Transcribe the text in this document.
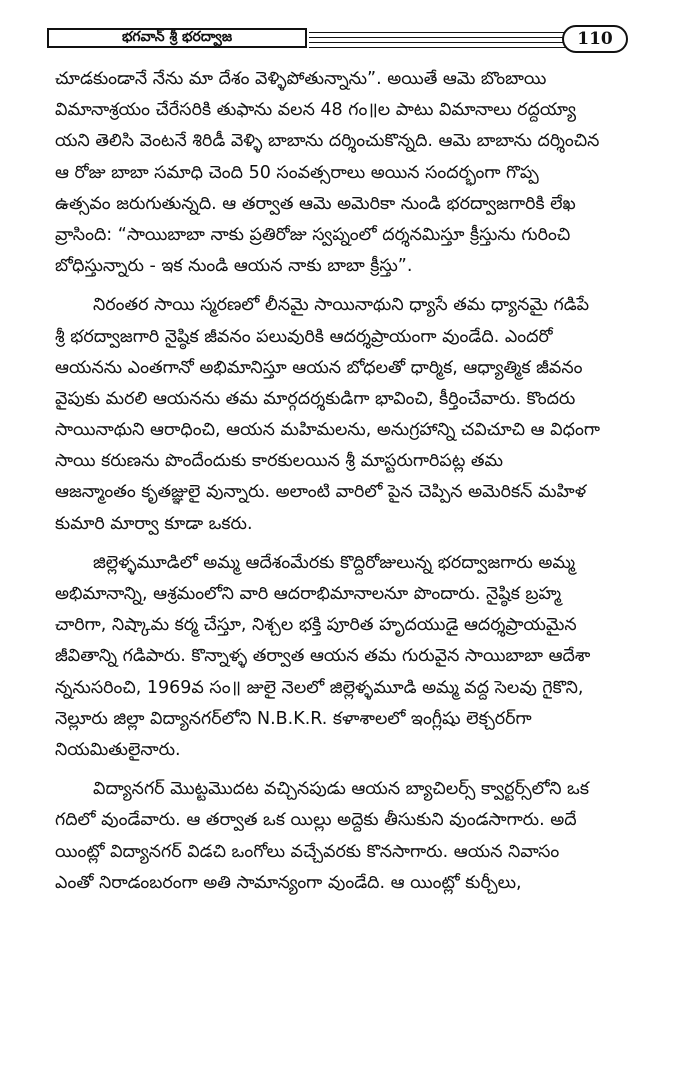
భగవాన్ శ్రీ భరద్వాజ	110
చూడకుండానే నేను మా దేశం వెళ్ళిపోతున్నాను”. అయితే ఆమె బొంబాయి
విమానాశ్రయం చేరేసరికి తుఫాను వలన 48 గం॥ల పాటు విమానాలు రద్దయ్యా
యని తెలిసి వెంటనే శిరిడీ వెళ్ళి బాబాను దర్శించుకొన్నది. ఆమె బాబాను దర్శించిన
ఆ రోజు బాబా సమాధి చెంది 50 సంవత్సరాలు అయిన సందర్భంగా గొప్ప
ఉత్సవం జరుగుతున్నది. ఆ తర్వాత ఆమె అమెరికా నుండి భరద్వాజగారికి లేఖ
వ్రాసింది: “సాయిబాబా నాకు ప్రతిరోజు స్వప్నంలో దర్శనమిస్తూ క్రీస్తును గురించి
బోధిస్తున్నారు - ఇక నుండి ఆయన నాకు బాబా క్రీస్తు”.
నిరంతర సాయి స్మరణలో లీనమై సాయినాథుని ధ్యాసే తమ ధ్యానమై గడిపే
శ్రీ భరద్వాజగారి నైష్ఠిక జీవనం పలువురికి ఆదర్శప్రాయంగా వుండేది. ఎందరో
ఆయనను ఎంతగానో అభిమానిస్తూ ఆయన బోధలతో ధార్మిక, ఆధ్యాత్మిక జీవనం
వైపుకు మరలి ఆయనను తమ మార్గదర్శకుడిగా భావించి, కీర్తించేవారు. కొందరు
సాయినాథుని ఆరాధించి, ఆయన మహిమలను, అనుగ్రహాన్ని చవిచూచి ఆ విధంగా
సాయి కరుణను పొందేందుకు కారకులయిన శ్రీ మాస్టరుగారిపట్ల తమ
ఆజన్మాంతం కృతజ్ఞులై వున్నారు. అలాంటి వారిలో పైన చెప్పిన అమెరికన్ మహిళ
కుమారి మార్వా కూడా ఒకరు.
జిల్లెళ్ళమూడిలో అమ్మ ఆదేశంమేరకు కొద్దిరోజులున్న భరద్వాజగారు అమ్మ
అభిమానాన్ని, ఆశ్రమంలోని వారి ఆదరాభిమానాలనూ పొందారు. నైష్ఠిక బ్రహ్మ
చారిగా, నిష్కామ కర్మ చేస్తూ, నిశ్చల భక్తి పూరిత హృదయుడై ఆదర్శప్రాయమైన
జీవితాన్ని గడిపారు. కొన్నాళ్ళ తర్వాత ఆయన తమ గురువైన సాయిబాబా ఆదేశా
న్ననుసరించి, 1969వ సం॥ జులై నెలలో జిల్లెళ్ళమూడి అమ్మ వద్ద సెలవు గైకొని,
నెల్లూరు జిల్లా విద్యానగర్‌లోని N.B.K.R. కళాశాలలో ఇంగ్లీషు లెక్చరర్‌గా
నియమితులైనారు.
విద్యానగర్ మొట్టమొదట వచ్చినపుడు ఆయన బ్యాచిలర్స్ క్వార్టర్స్‌లోని ఒక
గదిలో వుండేవారు. ఆ తర్వాత ఒక యిల్లు అద్దెకు తీసుకుని వుండసాగారు. అదే
యింట్లో విద్యానగర్ విడచి ఒంగోలు వచ్చేవరకు కొనసాగారు. ఆయన నివాసం
ఎంతో నిరాడంబరంగా అతి సామాన్యంగా వుండేది. ఆ యింట్లో కుర్చీలు,
